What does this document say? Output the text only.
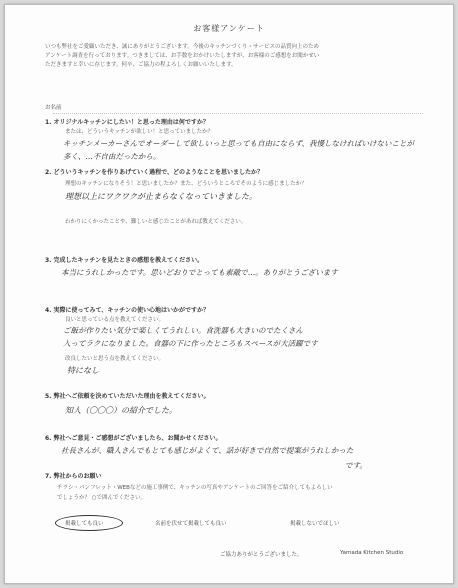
お客様アンケート
いつも弊社をご愛顧いただき、誠にありがとうございます。今後のキッチンづくり・サービスの品質向上のため
アンケート調査を行っております。つきましては、お手数をおかけいたしますが、お客様のご感想をお聞かせい
ただきますと幸いに存じます。何卒、ご協力の程よろしくお願いいたします。
お名前
1. オリジナルキッチンにしたい！と思った理由は何ですか？
または、どういうキッチンが欲しい！と思っていましたか？
キッチンメーカーさんでオーダーして欲しいっと思っても自由にならず、我慢しなければいけないことが
多く、…不自由だったから。
2. どういうキッチンを作りあげていく過程で、どのようなことを思いましたか？
理想のキッチンになりそう！と思いましたか？また、どういうところでそのように感じましたか？
理想以上にワクワクが止まらなくなっていきました。
わかりにくかったことや、難しいと感じたことがあれば教えてください。
3. 完成したキッチンを見たときの感想を教えてください。
本当にうれしかったです。思いどおりでとっても素敵で…。ありがとうございます
4. 実際に使ってみて、キッチンの使い心地はいかがですか？
良いと思っている点を教えてください。
ご飯が作りたい気分で楽しくてうれしい。食洗器も大きいのでたくさん
入ってラクになりました。食器の下に作ったところもスペースが大活躍です
改良したいと思う点を教えてください。
特になし
5. 弊社へご依頼を決めていただいた理由を教えてください。
知人（〇〇〇）の紹介でした。
6. 弊社へご意見・ご感想がございましたら、お聞かせください。
社長さんが、職人さんでもとても感じがよくて、話が好きで自然で提案がうれしかった
です。
7. 弊社からのお願い
チラシ・パンフレット・WEBなどの施工事例で、キッチンの写真やアンケートのご回答をご紹介してもよろしい
でしょうか？ ○で囲んでください。
掲載しても良い	名前を伏せて掲載しても良い	掲載しないでほしい
ご協力ありがとうございました。	Yamada Kitchen Studio
